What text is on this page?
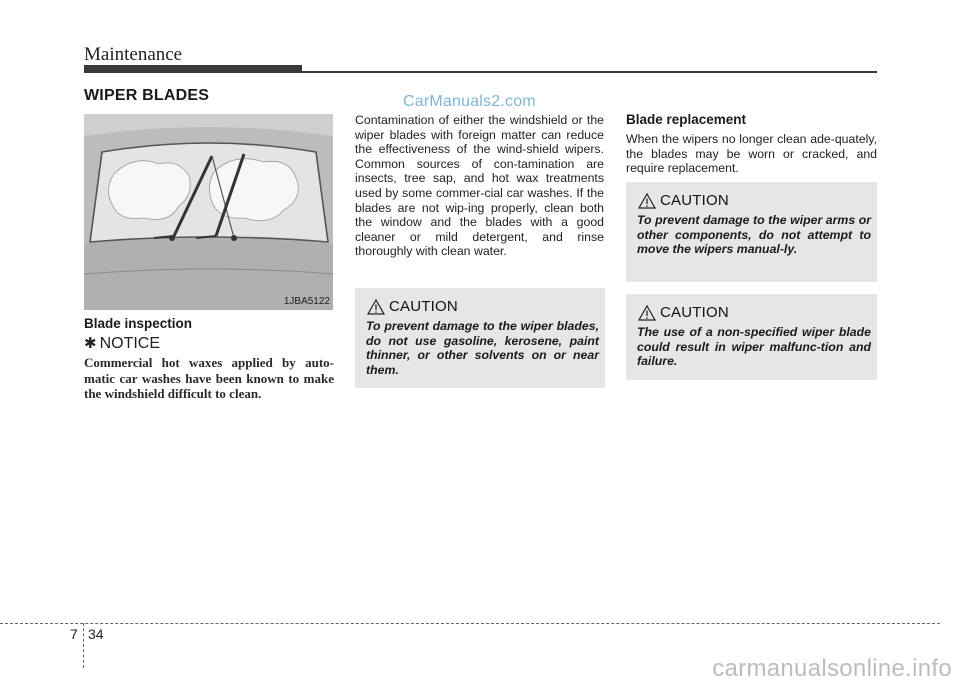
Maintenance
WIPER BLADES	CarManuals2.com
1JBA5122
Blade inspection
✱ NOTICE
Commercial hot waxes applied by auto-matic car washes have been known to make the windshield difficult to clean.
Contamination of either the windshield or the wiper blades with foreign matter can reduce the effectiveness of the wind-shield wipers. Common sources of con-tamination are insects, tree sap, and hot wax treatments used by some commer-cial car washes. If the blades are not wip-ing properly, clean both the window and the blades with a good cleaner or mild detergent, and rinse thoroughly with clean water.
CAUTION
To prevent damage to the wiper blades, do not use gasoline, kerosene, paint thinner, or other solvents on or near them.
Blade replacement
When the wipers no longer clean ade-quately, the blades may be worn or cracked, and require replacement.
CAUTION
To prevent damage to the wiper arms or other components, do not attempt to move the wipers manual-ly.
CAUTION
The use of a non-specified wiper blade could result in wiper malfunc-tion and failure.
7 34
carmanualsonline.info
